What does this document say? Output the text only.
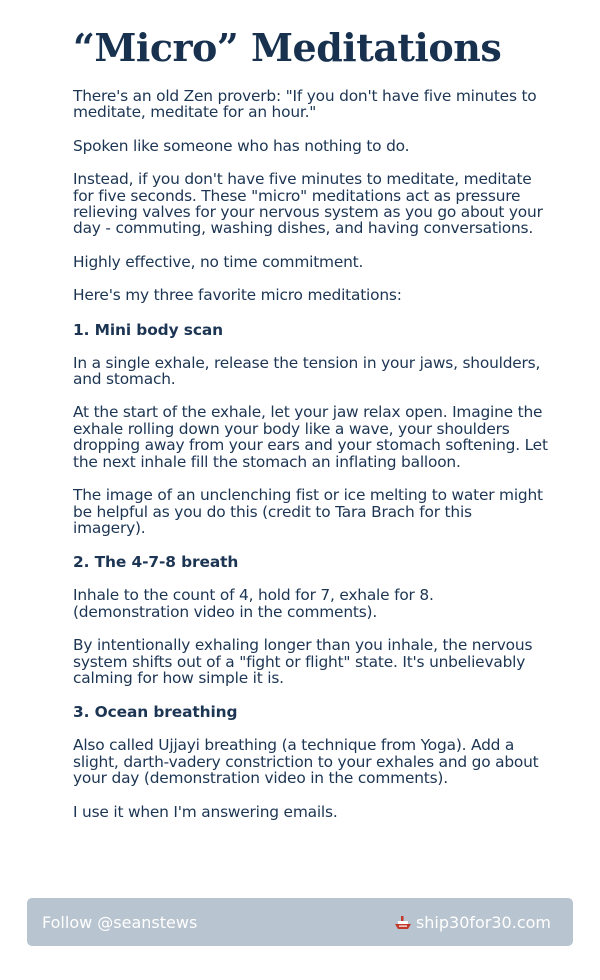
“Micro” Meditations

There's an old Zen proverb: "If you don't have five minutes to meditate, meditate for an hour."

Spoken like someone who has nothing to do.

Instead, if you don't have five minutes to meditate, meditate for five seconds. These "micro" meditations act as pressure relieving valves for your nervous system as you go about your day - commuting, washing dishes, and having conversations.

Highly effective, no time commitment.

Here's my three favorite micro meditations:

1. Mini body scan

In a single exhale, release the tension in your jaws, shoulders, and stomach.

At the start of the exhale, let your jaw relax open. Imagine the exhale rolling down your body like a wave, your shoulders dropping away from your ears and your stomach softening. Let the next inhale fill the stomach an inflating balloon.

The image of an unclenching fist or ice melting to water might be helpful as you do this (credit to Tara Brach for this imagery).

2. The 4-7-8 breath

Inhale to the count of 4, hold for 7, exhale for 8. (demonstration video in the comments).

By intentionally exhaling longer than you inhale, the nervous system shifts out of a "fight or flight" state. It's unbelievably calming for how simple it is.

3. Ocean breathing

Also called Ujjayi breathing (a technique from Yoga). Add a slight, darth-vadery constriction to your exhales and go about your day (demonstration video in the comments).

I use it when I'm answering emails.

Follow @seanstews	ship30for30.com
